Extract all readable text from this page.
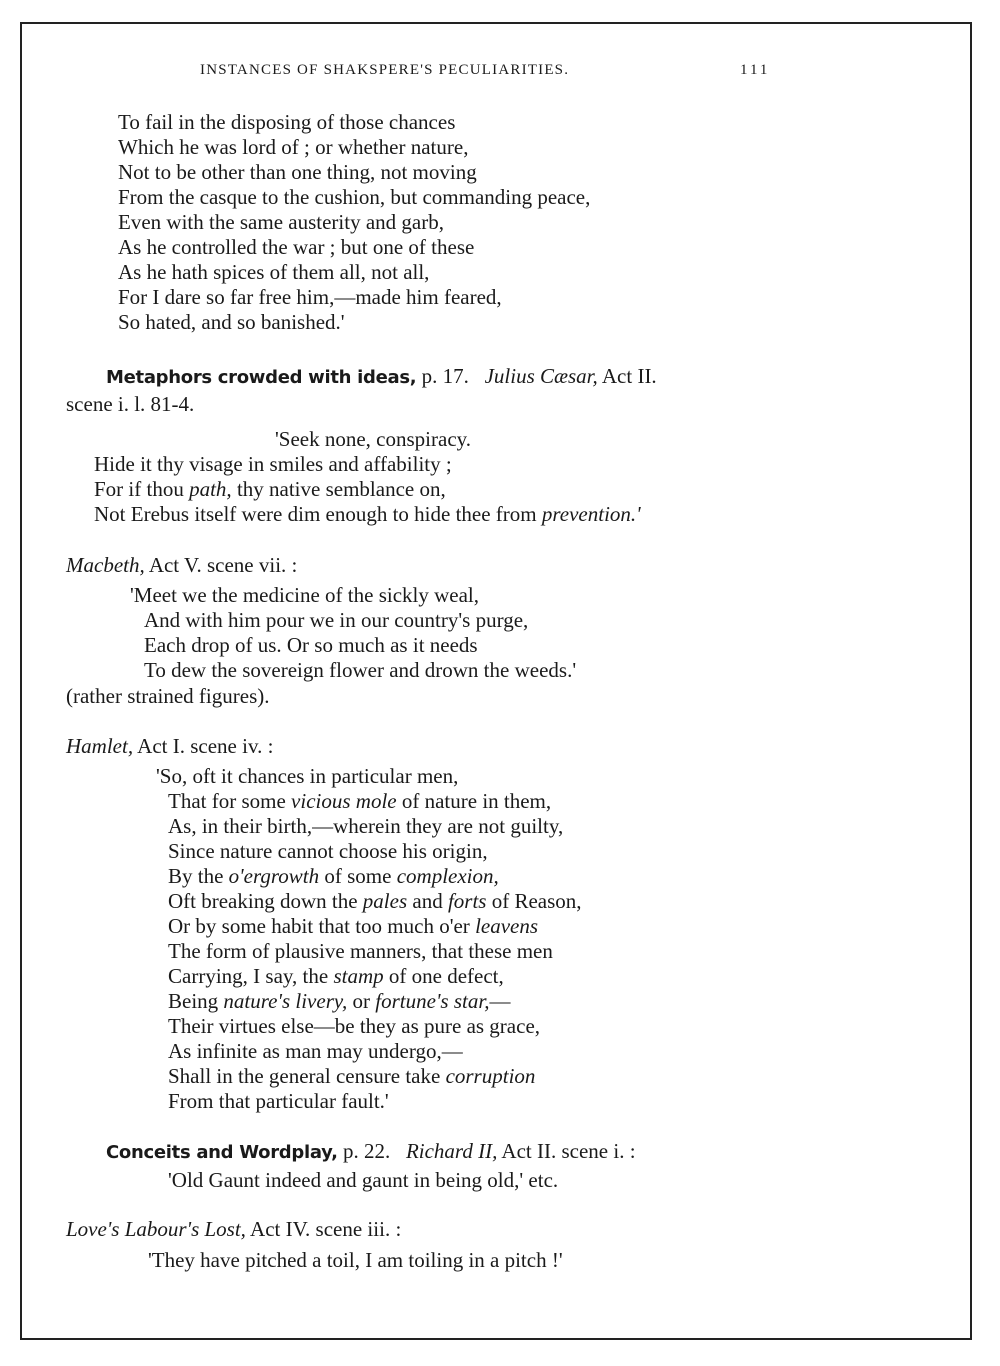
INSTANCES OF SHAKSPERE'S PECULIARITIES.	111
To fail in the disposing of those chances
Which he was lord of ; or whether nature,
Not to be other than one thing, not moving
From the casque to the cushion, but commanding peace,
Even with the same austerity and garb,
As he controlled the war ; but one of these
As he hath spices of them all, not all,
For I dare so far free him,—made him feared,
So hated, and so banished.'
Metaphors crowded with ideas, p. 17. Julius Cæsar, Act II.
scene i. l. 81-4.
'Seek none, conspiracy.
Hide it thy visage in smiles and affability ;
For if thou path, thy native semblance on,
Not Erebus itself were dim enough to hide thee from prevention.'
Macbeth, Act V. scene vii. :
'Meet we the medicine of the sickly weal,
And with him pour we in our country's purge,
Each drop of us. Or so much as it needs
To dew the sovereign flower and drown the weeds.'
(rather strained figures).
Hamlet, Act I. scene iv. :
'So, oft it chances in particular men,
That for some vicious mole of nature in them,
As, in their birth,—wherein they are not guilty,
Since nature cannot choose his origin,
By the o'ergrowth of some complexion,
Oft breaking down the pales and forts of Reason,
Or by some habit that too much o'er leavens
The form of plausive manners, that these men
Carrying, I say, the stamp of one defect,
Being nature's livery, or fortune's star,—
Their virtues else—be they as pure as grace,
As infinite as man may undergo,—
Shall in the general censure take corruption
From that particular fault.'
Conceits and Wordplay, p. 22. Richard II, Act II. scene i. :
'Old Gaunt indeed and gaunt in being old,' etc.
Love's Labour's Lost, Act IV. scene iii. :
'They have pitched a toil, I am toiling in a pitch !'
